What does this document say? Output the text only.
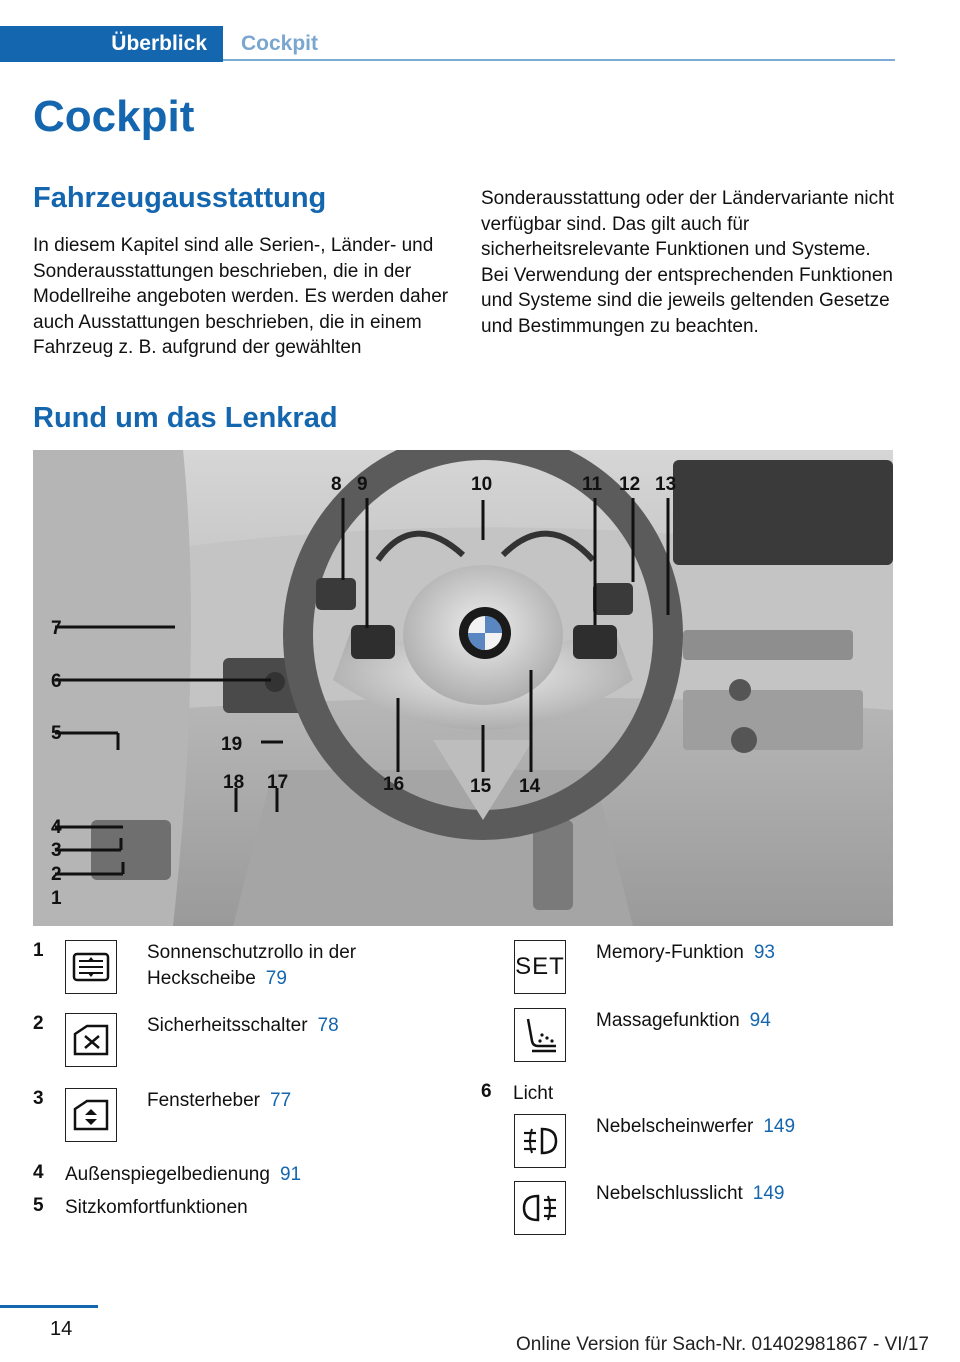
Überblick	Cockpit
Cockpit
Fahrzeugausstattung
In diesem Kapitel sind alle Serien-, Länder- und Sonderausstattungen beschrieben, die in der Modellreihe angeboten werden. Es werden daher auch Ausstattungen beschrieben, die in einem Fahrzeug z. B. aufgrund der gewählten
Sonderausstattung oder der Ländervariante nicht verfügbar sind. Das gilt auch für sicherheitsrelevante Funktionen und Systeme. Bei Verwendung der entsprechenden Funktionen und Systeme sind die jeweils geltenden Gesetze und Bestimmungen zu beachten.
Rund um das Lenkrad
8 9	10	11 12 13
7
6
5
19
18 17	16	15 14
4
3
2
1
1	Sonnenschutzrollo in der Heckscheibe 79
2	Sicherheitsschalter 78
3	Fensterheber 77
4	Außenspiegelbedienung 91
5	Sitzkomfortfunktionen
SET
Memory-Funktion 93
Massagefunktion 94
6	Licht
Nebelscheinwerfer 149
Nebelschlusslicht 149
14
Online Version für Sach-Nr. 01402981867 - VI/17
